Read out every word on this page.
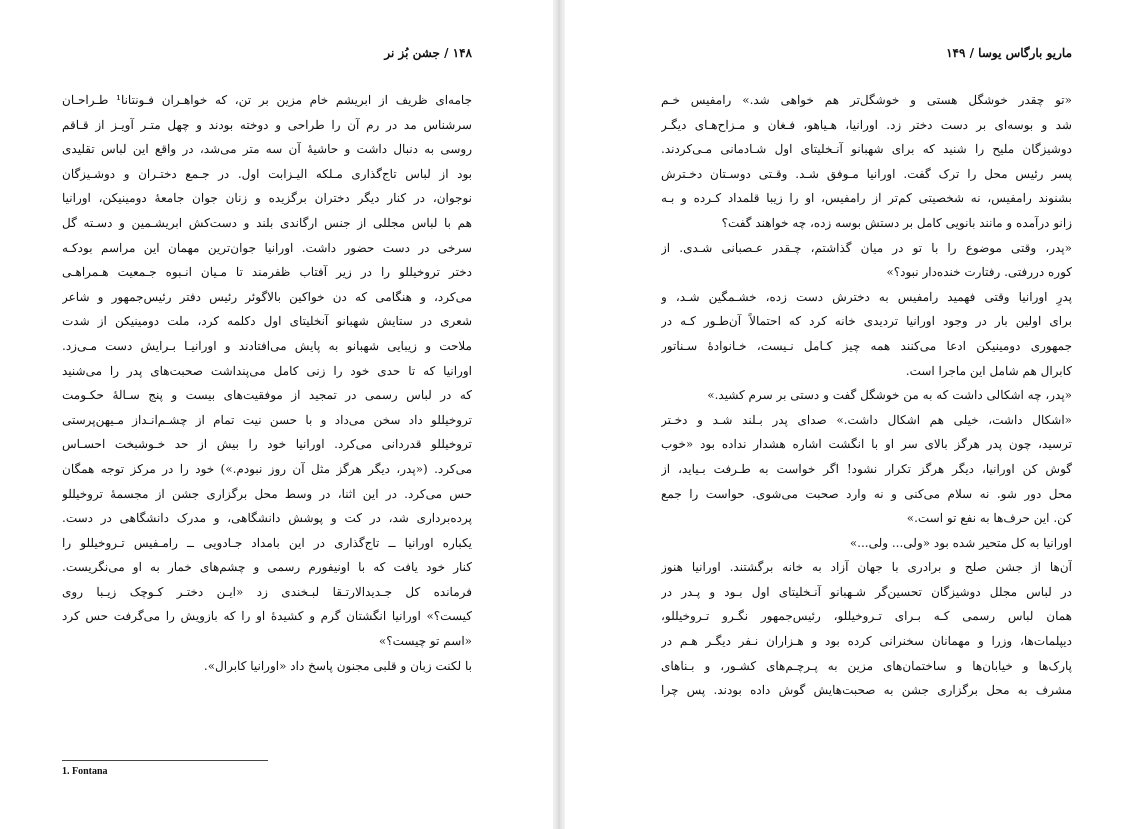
۱۴۸ / جشن بُز نر
جامه‌ای ظریف از ابریشم خام مزین بر تن، که خواهـران فـونتانا¹ طـراحـان
سرشناس مد در رم آن را طراحی و دوخته بودند و چهل متـر آویـز از قـاقم
روسی به دنبال داشت و حاشیهٔ آن سه متر می‌شد، در واقع این لباس تقلیدی
بود از لباس تاج‌گذاری مـلکه الیـزابت اول. در جـمع دختـران و دوشـیزگان
نوجوان، در کنار دیگر دختران برگزیده و زنان جوان جامعهٔ دومینیکن، اورانیا
هم با لباس مجللی از جنس ارگاندی بلند و دست‌کش ابریشـمین و دسـته گل
سرخی در دست حضور داشت. اورانیا جوان‌ترین مهمان این مراسم بودکـه
دختر تروخیللو را در زیر آفتاب ظفرمند تا مـیان انـبوه جـمعیت هـمراهـی
می‌کرد، و هنگامی که دن خواکین بالاگوئر رئیس دفتر رئیس‌جمهور و شاعر
شعری در ستایش شهبانو آنخلیتای اول دکلمه کرد، ملت دومینیکن از شدت
ملاحت و زیبایی شهبانو به پایش می‌افتادند و اورانیـا بـرایش دست مـی‌زد.
اورانیا که تا حدی خود را زنی کامل می‌پنداشت صحبت‌های پدر را می‌شنید
که در لباس رسمی در تمجید از موفقیت‌های بیست و پنج سـالهٔ حکـومت
تروخیللو داد سخن می‌داد و با حسن نیت تمام از چشـم‌انـداز مـیهن‌پرستی
تروخیللو قدردانی می‌کرد. اورانیا خود را بیش از حد خـوشبخت احسـاس
می‌کرد. («پدر، دیگر هرگز مثل آن روز نبودم.») خود را در مرکز توجه همگان
حس می‌کرد. در این اثنا، در وسط محل برگزاری جشن از مجسمهٔ تروخیللو
پرده‌برداری شد، در کت و پوشش دانشگاهی، و مدرک دانشگاهی در دست.
یکباره اورانیا ــ تاج‌گذاری در این بامداد جـادویی ــ رامـفیس تـروخیللو را
کنار خود یافت که با اونیفورم رسمی و چشم‌های خمار به او می‌نگریست.
فرمانده کل جـدیدالارتـقا لبـخندی زد «ایـن دختـر کـوچک زیـبا روی
کیست؟» اورانیا انگشتان گرم و کشیدهٔ او را که بازویش را می‌گرفت حس کرد
«اسم تو چیست؟»
با لکنت زبان و قلبی مجنون پاسخ داد «اورانیا کابرال».
1. Fontana
ماریو بارگاس یوسا / ۱۴۹
«تو چقدر خوشگل هستی و خوشگل‌تر هم خواهی شد.» رامفیس خـم
شد و بوسه‌ای بر دست دختر زد. اورانیا، هـیاهو، فـغان و مـزاح‌هـای دیگـر
دوشیزگان ملیح را شنید که برای شهبانو آنـخلیتای اول شـادمانی مـی‌کردند.
پسر رئیس محل را ترک گفت. اورانیا مـوفق شـد. وقـتی دوسـتان دخـترش
بشنوند رامفیس، نه شخصیتی کم‌تر از رامفیس، او را زیبا قلمداد کـرده و بـه
زانو درآمده و مانند بانویی کامل بر دستش بوسه زده، چه خواهند گفت؟
«پدر، وقتی موضوع را با تو در میان گذاشتم، چـقدر عـصبانی شـدی. از
کوره دررفتی. رفتارت خنده‌دار نبود؟»
پدرِ اورانیا وقتی فهمید رامفیس به دخترش دست زده، خشـمگین شـد، و
برای اولین بار در وجود اورانیا تردیدی خانه کرد که احتمالاً آن‌طـور کـه در
جمهوری دومینیکن ادعا می‌کنند همه چیز کـامل نـیست، خـانوادهٔ سـناتور
کابرال هم شامل این ماجرا است.
«پدر، چه اشکالی داشت که به من خوشگل گفت و دستی بر سرم کشید.»
«اشکال داشت، خیلی هم اشکال داشت.» صدای پدر بـلند شـد و دخـتر
ترسید، چون پدر هرگز بالای سر او با انگشت اشاره هشدار نداده بود «خوب
گوش کن اورانیا، دیگر هرگز تکرار نشود! اگر خواست به طـرفت بـیاید، از
محل دور شو. نه سلام می‌کنی و نه وارد صحبت می‌شوی. حواست را جمع
کن. این حرف‌ها به نفع تو است.»
اورانیا به کل متحیر شده بود «ولی... ولی...»
آن‌ها از جشن صلح و برادری با جهان آزاد به خانه برگشتند. اورانیا هنوز
در لباس مجلل دوشیزگان تحسین‌گر شـهبانو آنـخلیتای اول بـود و پـدر در
همان لباس رسمی کـه بـرای تـروخیللو، رئیس‌جمهور نگـرو تـروخیللو،
دیپلمات‌ها، وزرا و مهمانان سخنرانی کرده بود و هـزاران نـفر دیگـر هـم در
پارک‌ها و خیابان‌ها و ساختمان‌های مزین به پـرچـم‌های کشـور، و بـناهای
مشرف به محل برگزاری جشن به صحبت‌هایش گوش داده بودند. پس چرا
